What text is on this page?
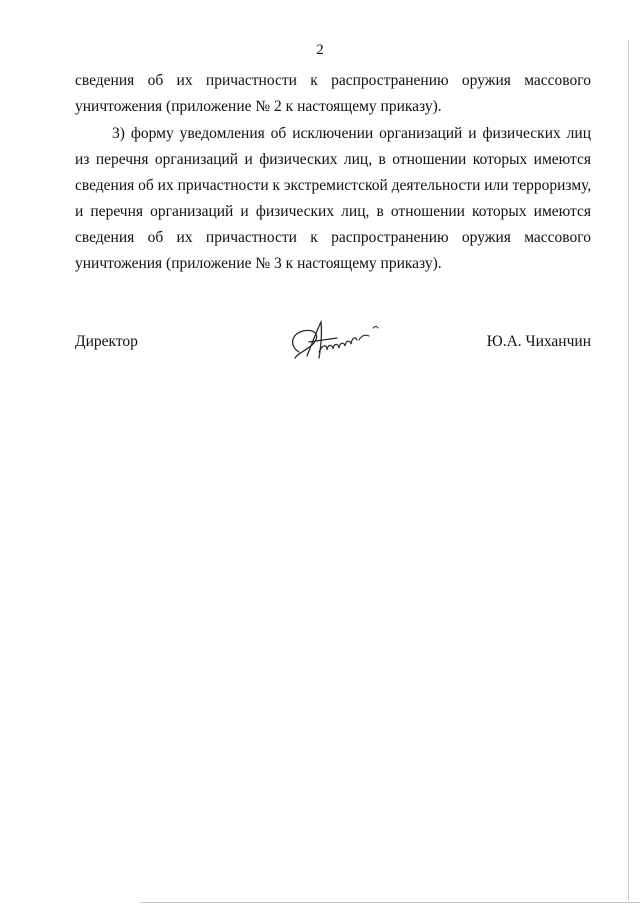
2
сведения об их причастности к распространению оружия массового
уничтожения (приложение № 2 к настоящему приказу).
3) форму уведомления об исключении организаций и физических лиц
из перечня организаций и физических лиц, в отношении которых имеются
сведения об их причастности к экстремистской деятельности или терроризму,
и перечня организаций и физических лиц, в отношении которых имеются
сведения об их причастности к распространению оружия массового
уничтожения (приложение № 3 к настоящему приказу).
Директор	Ю.А. Чиханчин
